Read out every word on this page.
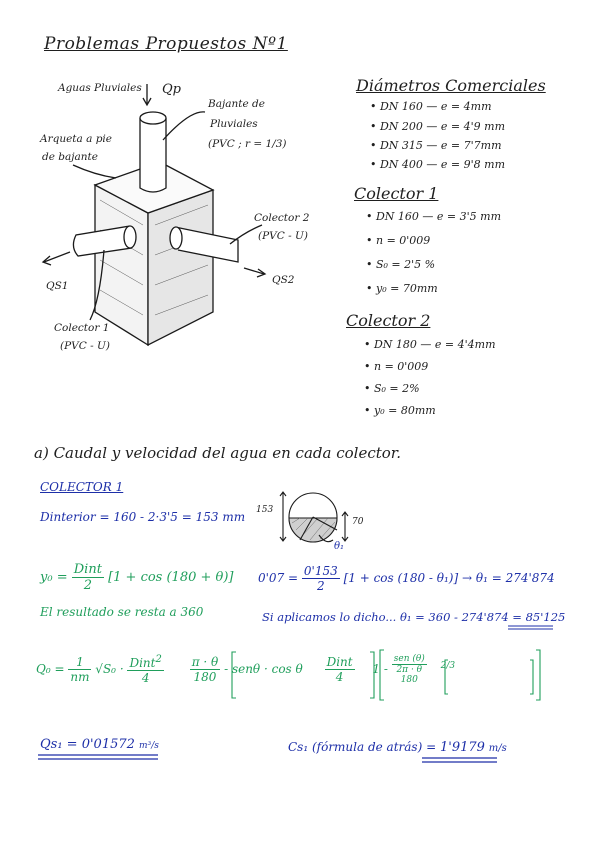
Problemas Propuestos Nº1
Aguas Pluviales Qp
Bajante de
Pluviales
(PVC ; r = 1/3)
Arqueta a pie
de bajante
Colector 2
(PVC - U)
QS2
QS1
Colector 1
(PVC - U)
Diámetros Comerciales
• DN 160 — e = 4mm
• DN 200 — e = 4'9 mm
• DN 315 — e = 7'7mm
• DN 400 — e = 9'8 mm
Colector 1
• DN 160 — e = 3'5 mm
• n = 0'009
• S₀ = 2'5 %
• y₀ = 70mm
Colector 2
• DN 180 — e = 4'4mm
• n = 0'009
• S₀ = 2%
• y₀ = 80mm
a) Caudal y velocidad del agua en cada colector.
COLECTOR 1
Dinterior = 160 - 2·3'5 = 153 mm 153
70
θ₁
$y_0 = \frac{\text{Dint}}{2} [1 + \cos (180 + \theta)] 0'07 = \frac{0'153}{2} [1 + \cos (180 - \theta_1)] \to \theta_1 = 274'874$
El resultado se resta a 360	Si aplicamos lo dicho... θ₁ = 360 - 274'874 = 85'125
$Q_0 = \frac{1}{nm} √S_0 \cdot \frac{Dint^2}{4}$
$\frac{\pi \cdot \theta}{180} - sen\theta \cdot \cos \theta \frac{\text{Dint}}{4} 1$ -
sen (θ)
2π · θ
180
$^{2/3}$
Qs₁ = 0'01572 m³/s	Cs₁ (fórmula de atrás) = 1'9179 m/s
